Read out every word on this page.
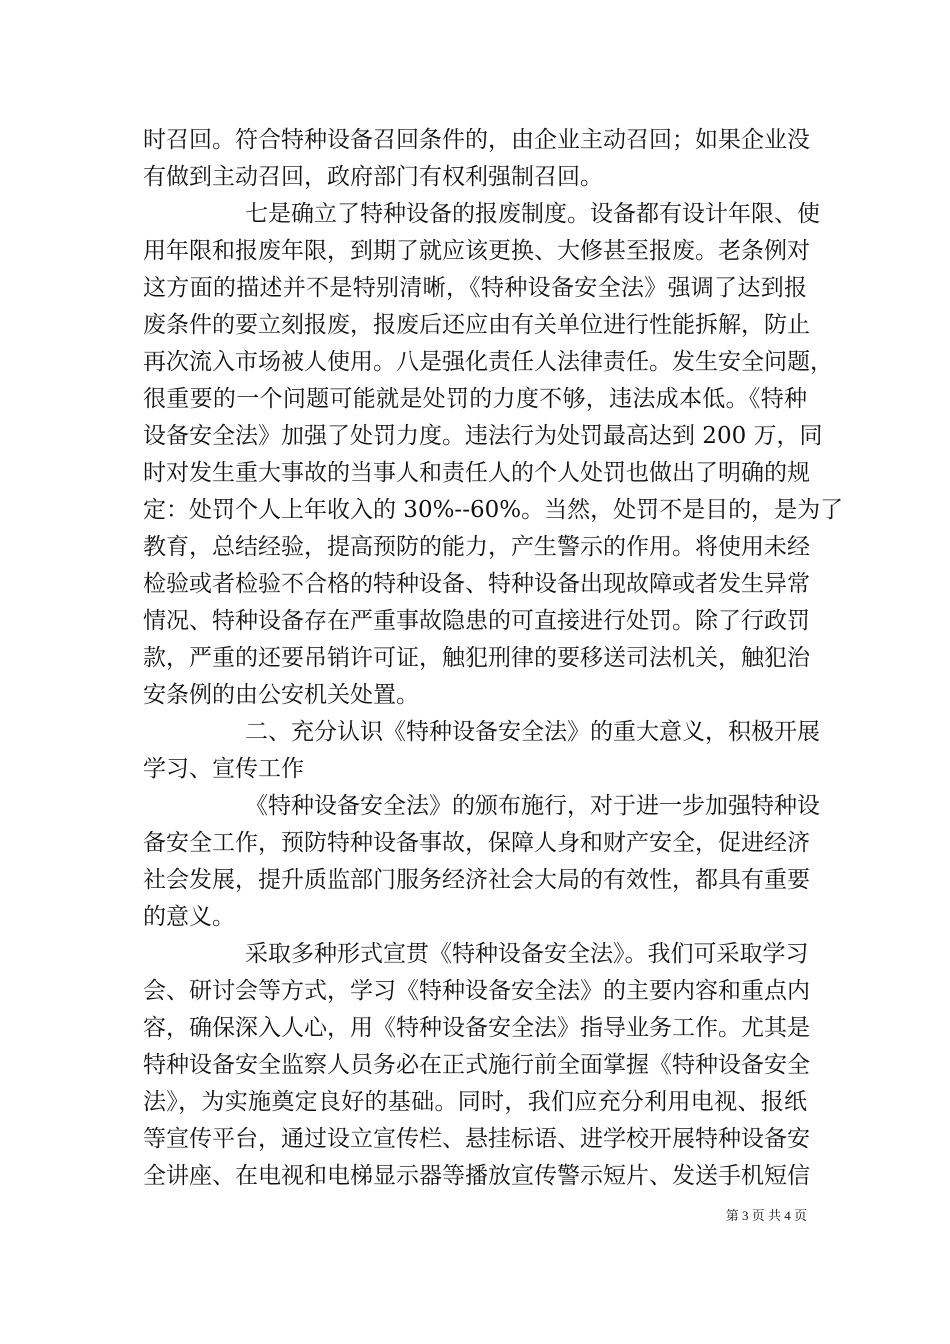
第 3 页 共 4 页
时召回。符合特种设备召回条件的，由企业主动召回；如果企业没
有做到主动召回，政府部门有权利强制召回。
七是确立了特种设备的报废制度。设备都有设计年限、使
用年限和报废年限，到期了就应该更换、大修甚至报废。老条例对
这方面的描述并不是特别清晰，《特种设备安全法》强调了达到报
废条件的要立刻报废，报废后还应由有关单位进行性能拆解，防止
再次流入市场被人使用。八是强化责任人法律责任。发生安全问题，
很重要的一个问题可能就是处罚的力度不够，违法成本低。《特种
设备安全法》加强了处罚力度。违法行为处罚最高达到 200 万，同
时对发生重大事故的当事人和责任人的个人处罚也做出了明确的规
定：处罚个人上年收入的 30%--60%。当然，处罚不是目的，是为了
教育，总结经验，提高预防的能力，产生警示的作用。将使用未经
检验或者检验不合格的特种设备、特种设备出现故障或者发生异常
情况、特种设备存在严重事故隐患的可直接进行处罚。除了行政罚
款，严重的还要吊销许可证，触犯刑律的要移送司法机关，触犯治
安条例的由公安机关处置。
二、充分认识《特种设备安全法》的重大意义，积极开展
学习、宣传工作
《特种设备安全法》的颁布施行，对于进一步加强特种设
备安全工作，预防特种设备事故，保障人身和财产安全，促进经济
社会发展，提升质监部门服务经济社会大局的有效性，都具有重要
的意义。
采取多种形式宣贯《特种设备安全法》。我们可采取学习
会、研讨会等方式，学习《特种设备安全法》的主要内容和重点内
容，确保深入人心，用《特种设备安全法》指导业务工作。尤其是
特种设备安全监察人员务必在正式施行前全面掌握《特种设备安全
法》，为实施奠定良好的基础。同时，我们应充分利用电视、报纸
等宣传平台，通过设立宣传栏、悬挂标语、进学校开展特种设备安
全讲座、在电视和电梯显示器等播放宣传警示短片、发送手机短信
